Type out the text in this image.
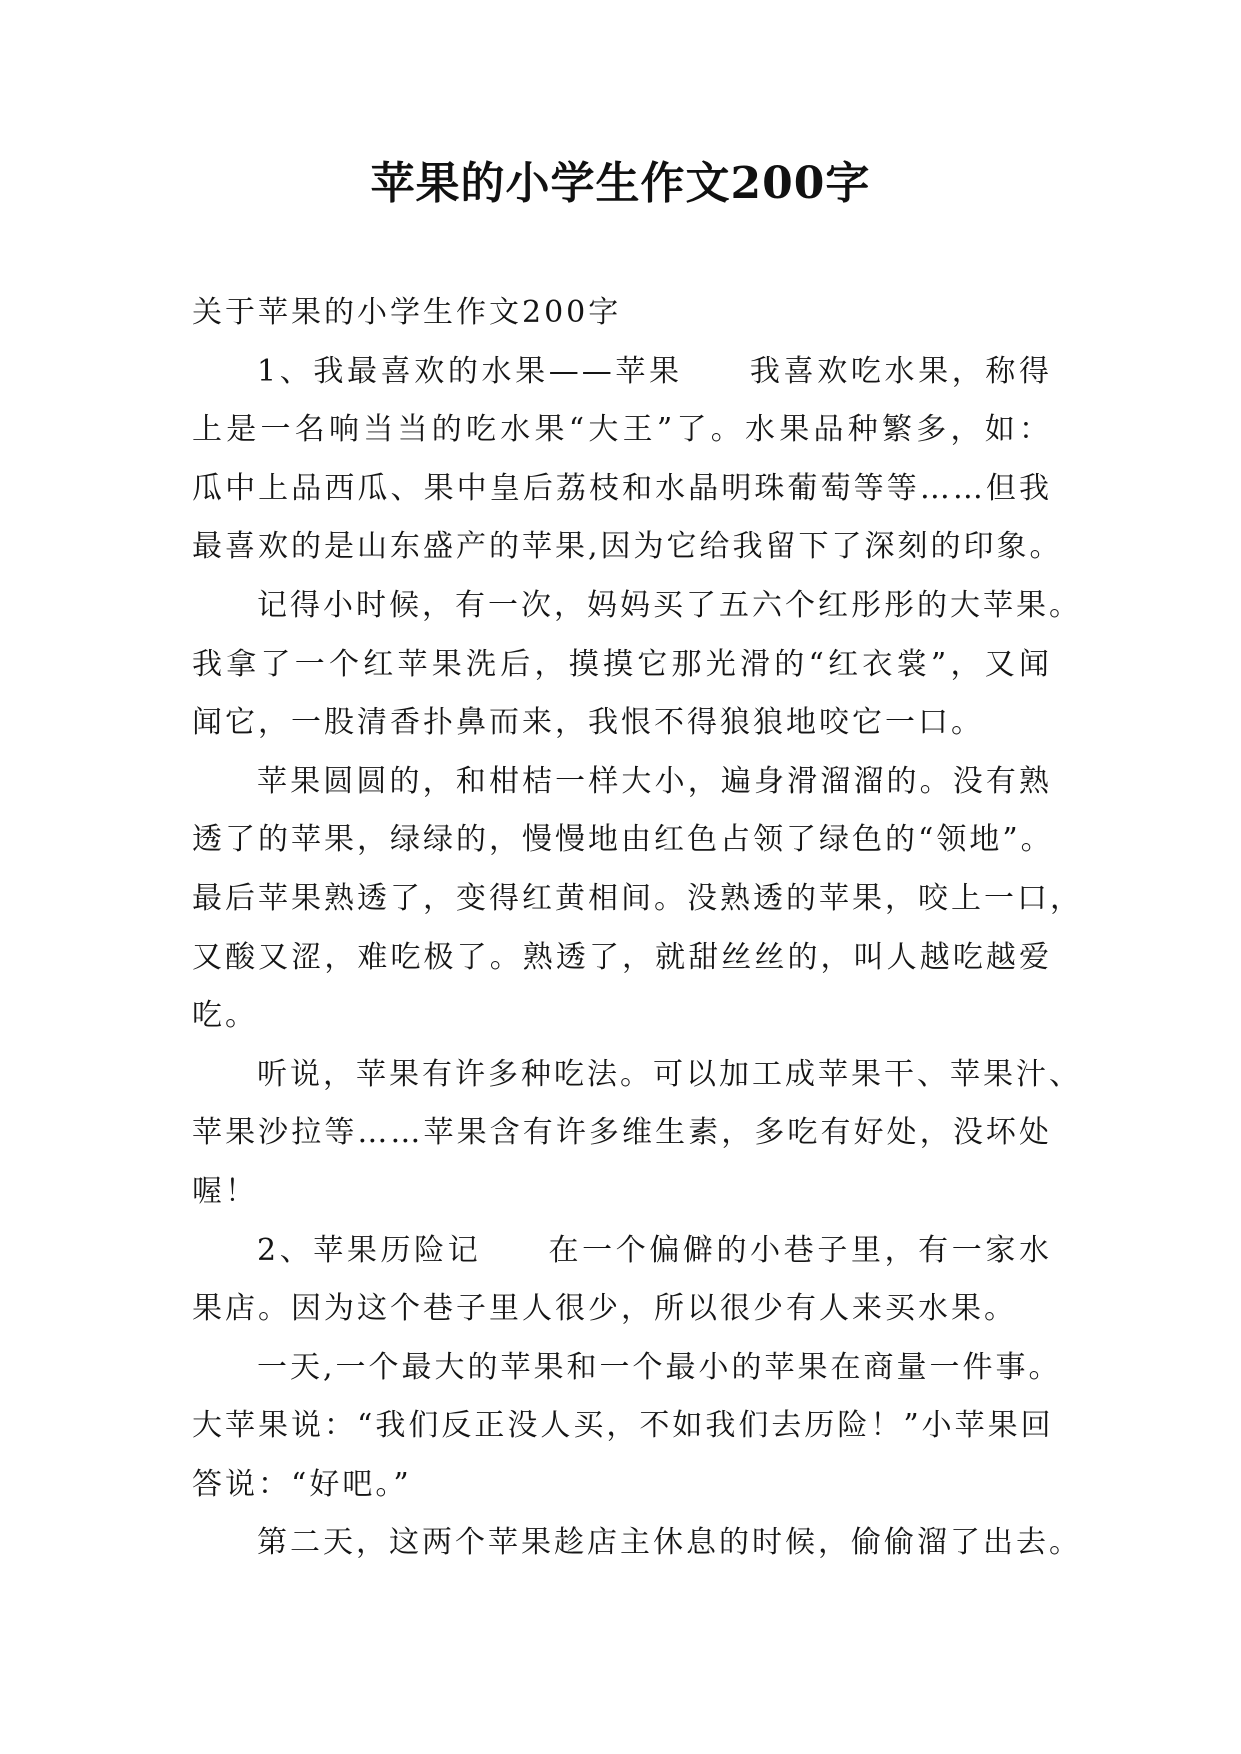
苹果的小学生作文200字
关于苹果的小学生作文200字
1、我最喜欢的水果——苹果　　我喜欢吃水果，称得
上是一名响当当的吃水果“大王”了。水果品种繁多，如：
瓜中上品西瓜、果中皇后荔枝和水晶明珠葡萄等等……但我
最喜欢的是山东盛产的苹果,因为它给我留下了深刻的印象。
记得小时候，有一次，妈妈买了五六个红彤彤的大苹果。
我拿了一个红苹果洗后，摸摸它那光滑的“红衣裳”，又闻
闻它，一股清香扑鼻而来，我恨不得狼狼地咬它一口。
苹果圆圆的，和柑桔一样大小，遍身滑溜溜的。没有熟
透了的苹果，绿绿的，慢慢地由红色占领了绿色的“领地”。
最后苹果熟透了，变得红黄相间。没熟透的苹果，咬上一口，
又酸又涩，难吃极了。熟透了，就甜丝丝的，叫人越吃越爱
吃。
听说，苹果有许多种吃法。可以加工成苹果干、苹果汁、
苹果沙拉等……苹果含有许多维生素，多吃有好处，没坏处
喔！
2、苹果历险记　　在一个偏僻的小巷子里，有一家水
果店。因为这个巷子里人很少，所以很少有人来买水果。
一天,一个最大的苹果和一个最小的苹果在商量一件事。
大苹果说：“我们反正没人买，不如我们去历险！”小苹果回
答说：“好吧。”
第二天，这两个苹果趁店主休息的时候，偷偷溜了出去。
